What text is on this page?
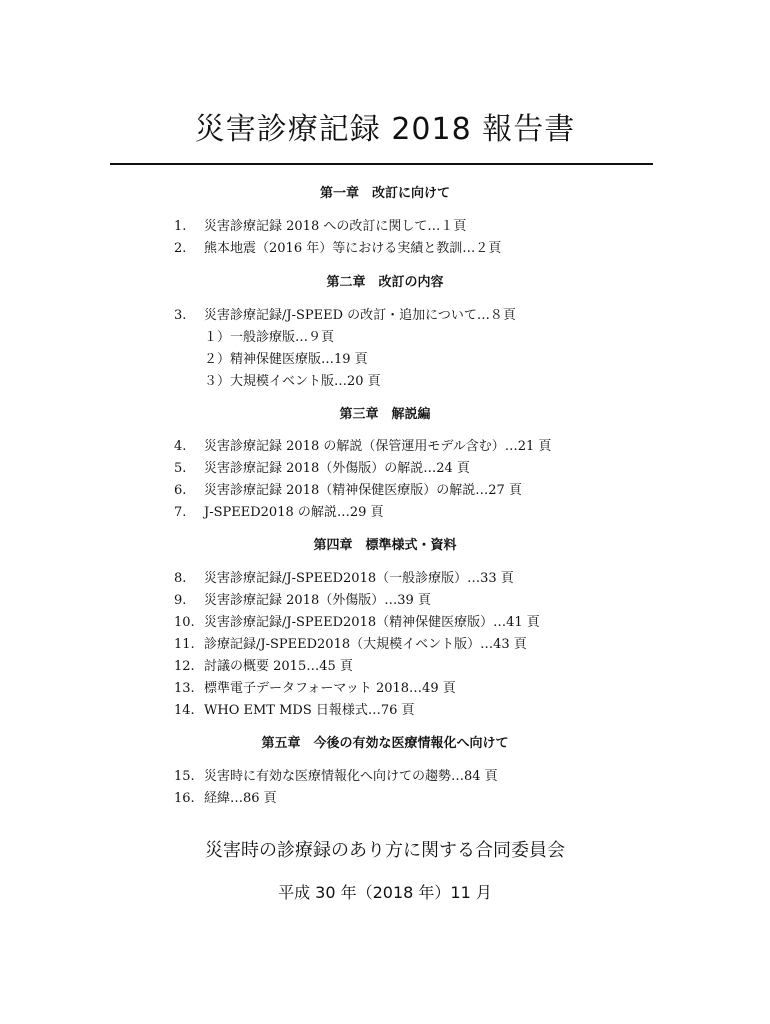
災害診療記録 2018 報告書
第一章　改訂に向けて
1. 災害診療記録 2018 への改訂に関して…１頁
2. 熊本地震（2016 年）等における実績と教訓…２頁
第二章　改訂の内容
3. 災害診療記録/J-SPEED の改訂・追加について…８頁
１）一般診療版…９頁
２）精神保健医療版…19 頁
３）大規模イベント版…20 頁
第三章　解説編
4. 災害診療記録 2018 の解説（保管運用モデル含む）…21 頁
5. 災害診療記録 2018（外傷版）の解説…24 頁
6. 災害診療記録 2018（精神保健医療版）の解説…27 頁
7. J-SPEED2018 の解説…29 頁
第四章　標準様式・資料
8. 災害診療記録/J-SPEED2018（一般診療版）…33 頁
9. 災害診療記録 2018（外傷版）…39 頁
10. 災害診療記録/J-SPEED2018（精神保健医療版）…41 頁
11. 診療記録/J-SPEED2018（大規模イベント版）…43 頁
12. 討議の概要 2015…45 頁
13. 標準電子データフォーマット 2018…49 頁
14. WHO EMT MDS 日報様式…76 頁
第五章　今後の有効な医療情報化へ向けて
15. 災害時に有効な医療情報化へ向けての趨勢…84 頁
16. 経緯…86 頁
災害時の診療録のあり方に関する合同委員会
平成 30 年（2018 年）11 月
